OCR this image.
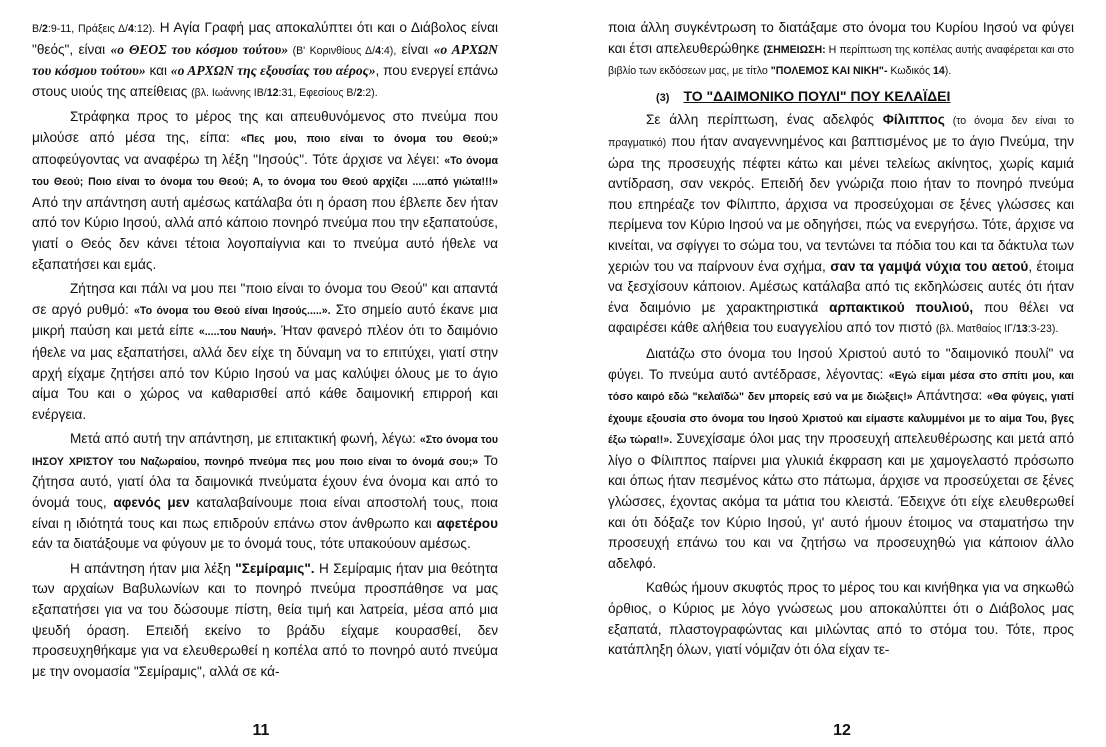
Β/2:9-11, Πράξεις Δ/4:12). Η Αγία Γραφή μας αποκαλύπτει ότι και ο Διάβολος είναι "θεός", είναι «ο ΘΕΟΣ του κόσμου τούτου» (Β' Κορινθίους Δ/4:4), είναι «ο ΑΡΧΩΝ του κόσμου τούτου» και «ο ΑΡΧΩΝ της εξουσίας του αέρος», που ενεργεί επάνω στους υιούς της απείθειας (βλ. Ιωάννης ΙΒ/12:31, Εφεσίους Β/2:2).

Στράφηκα προς το μέρος της και απευθυνόμενος στο πνεύμα που μιλούσε από μέσα της, είπα: «Πες μου, ποιο είναι το όνομα του Θεού;» αποφεύγοντας να αναφέρω τη λέξη "Ιησούς". Τότε άρχισε να λέγει: «Το όνομα του Θεού; Ποιο είναι το όνομα του Θεού; Α, το όνομα του Θεού αρχίζει .....από γιώτα!!!» Από την απάντηση αυτή αμέσως κατάλαβα ότι η όραση που έβλεπε δεν ήταν από τον Κύριο Ιησού, αλλά από κάποιο πονηρό πνεύμα που την εξαπατούσε, γιατί ο Θεός δεν κάνει τέτοια λογοπαίγνια και το πνεύμα αυτό ήθελε να εξαπατήσει και εμάς.

Ζήτησα και πάλι να μου πει "ποιο είναι το όνομα του Θεού" και απαντά σε αργό ρυθμό: «Το όνομα του Θεού είναι Ιησούς.....». Στο σημείο αυτό έκανε μια μικρή παύση και μετά είπε «.....του Ναυή». Ήταν φανερό πλέον ότι το δαιμόνιο ήθελε να μας εξαπατήσει, αλλά δεν είχε τη δύναμη να το επιτύχει, γιατί στην αρχή είχαμε ζητήσει από τον Κύριο Ιησού να μας καλύψει όλους με το άγιο αίμα Του και ο χώρος να καθαρισθεί από κάθε δαιμονική επιρροή και ενέργεια.

Μετά από αυτή την απάντηση, με επιτακτική φωνή, λέγω: «Στο όνομα του ΙΗΣΟΥ ΧΡΙΣΤΟΥ του Ναζωραίου, πονηρό πνεύμα πες μου ποιο είναι το όνομά σου;» Το ζήτησα αυτό, γιατί όλα τα δαιμονικά πνεύματα έχουν ένα όνομα και από το όνομά τους, αφενός μεν καταλαβαίνουμε ποια είναι αποστολή τους, ποια είναι η ιδιότητά τους και πως επιδρούν επάνω στον άνθρωπο και αφετέρου εάν τα διατάξουμε να φύγουν με το όνομά τους, τότε υπακούουν αμέσως.

Η απάντηση ήταν μια λέξη "Σεμίραμις". Η Σεμίραμις ήταν μια θεότητα των αρχαίων Βαβυλωνίων και το πονηρό πνεύμα προσπάθησε να μας εξαπατήσει για να του δώσουμε πίστη, θεία τιμή και λατρεία, μέσα από μια ψευδή όραση. Επειδή εκείνο το βράδυ είχαμε κουρασθεί, δεν προσευχηθήκαμε για να ελευθερωθεί η κοπέλα από το πονηρό αυτό πνεύμα με την ονομασία "Σεμίραμις", αλλά σε κά-

11

ποια άλλη συγκέντρωση το διατάξαμε στο όνομα του Κυρίου Ιησού να φύγει και έτσι απελευθερώθηκε (ΣΗΜΕΙΩΣΗ: Η περίπτωση της κοπέλας αυτής αναφέρεται και στο βιβλίο των εκδόσεων μας, με τίτλο "ΠΟΛΕΜΟΣ ΚΑΙ ΝΙΚΗ"- Κωδικός 14).

(3) ΤΟ "ΔΑΙΜΟΝΙΚΟ ΠΟΥΛΙ" ΠΟΥ ΚΕΛΑΪΔΕΙ

Σε άλλη περίπτωση, ένας αδελφός Φίλιππος (το όνομα δεν είναι το πραγματικό) που ήταν αναγεννημένος και βαπτισμένος με το άγιο Πνεύμα, την ώρα της προσευχής πέφτει κάτω και μένει τελείως ακίνητος, χωρίς καμιά αντίδραση, σαν νεκρός. Επειδή δεν γνώριζα ποιο ήταν το πονηρό πνεύμα που επηρέαζε τον Φίλιππο, άρχισα να προσεύχομαι σε ξένες γλώσσες και περίμενα τον Κύριο Ιησού να με οδηγήσει, πώς να ενεργήσω. Τότε, άρχισε να κινείται, να σφίγγει το σώμα του, να τεντώνει τα πόδια του και τα δάκτυλα των χεριών του να παίρνουν ένα σχήμα, σαν τα γαμψά νύχια του αετού, έτοιμα να ξεσχίσουν κάποιον. Αμέσως κατάλαβα από τις εκδηλώσεις αυτές ότι ήταν ένα δαιμόνιο με χαρακτηριστικά αρπακτικού πουλιού, που θέλει να αφαιρέσει κάθε αλήθεια του ευαγγελίου από τον πιστό (βλ. Ματθαίος ΙΓ/13:3-23).

Διατάζω στο όνομα του Ιησού Χριστού αυτό το "δαιμονικό πουλί" να φύγει. Το πνεύμα αυτό αντέδρασε, λέγοντας: «Εγώ είμαι μέσα στο σπίτι μου, και τόσο καιρό εδώ "κελαϊδώ" δεν μπορείς εσύ να με διώξεις!» Απάντησα: «Θα φύγεις, γιατί έχουμε εξουσία στο όνομα του Ιησού Χριστού και είμαστε καλυμμένοι με το αίμα Του, βγες έξω τώρα!!». Συνεχίσαμε όλοι μας την προσευχή απελευθέρωσης και μετά από λίγο ο Φίλιππος παίρνει μια γλυκιά έκφραση και με χαμογελαστό πρόσωπο και όπως ήταν πεσμένος κάτω στο πάτωμα, άρχισε να προσεύχεται σε ξένες γλώσσες, έχοντας ακόμα τα μάτια του κλειστά. Έδειχνε ότι είχε ελευθερωθεί και ότι δόξαζε τον Κύριο Ιησού, γι' αυτό ήμουν έτοιμος να σταματήσω την προσευχή επάνω του και να ζητήσω να προσευχηθώ για κάποιον άλλο αδελφό.

Καθώς ήμουν σκυφτός προς το μέρος του και κινήθηκα για να σηκωθώ όρθιος, ο Κύριος με λόγο γνώσεως μου αποκαλύπτει ότι ο Διάβολος μας εξαπατά, πλαστογραφώντας και μιλώντας από το στόμα του. Τότε, προς κατάπληξη όλων, γιατί νόμιζαν ότι όλα είχαν τε-

12
